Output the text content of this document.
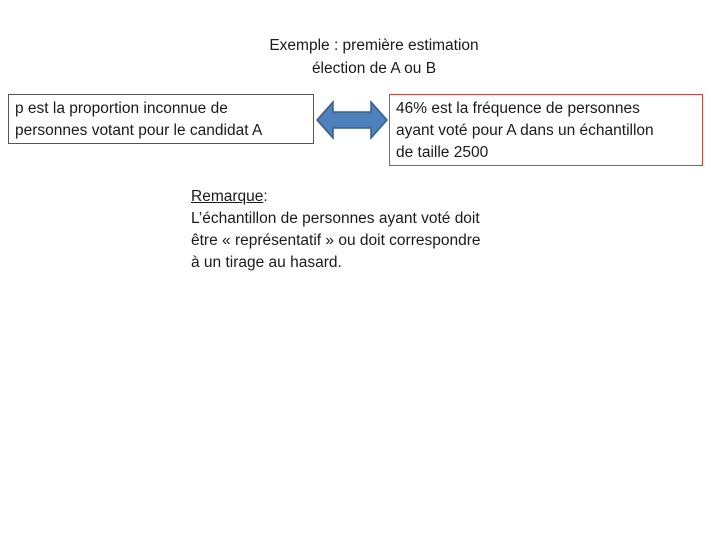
Exemple : première estimation
élection de A ou B
p est la proportion inconnue de
personnes votant pour le candidat A
46% est la fréquence de personnes
ayant voté pour A dans un échantillon
de taille 2500
Remarque:
L’échantillon de personnes ayant voté doit
être « représentatif » ou doit correspondre
à un tirage au hasard.
